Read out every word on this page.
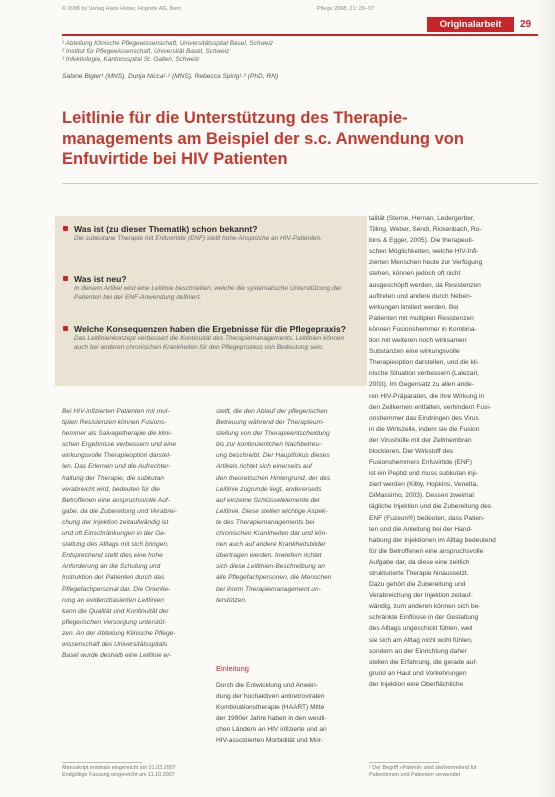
© 2008 by Verlag Hans Huber, Hogrefe AG, Bern	Pflege 2008; 21: 29–37
Originalarbeit	29
¹ Abteilung Klinische Pflegewissenschaft, Universitätsspital Basel, Schweiz
² Institut für Pflegewissenschaft, Universität Basel, Schweiz
³ Infektiologie, Kantonsspital St. Gallen, Schweiz
Sabine Bigler¹ (MNS), Dunja Nicca¹·² (MNS), Rebecca Spirig¹·² (PhD, RN)
Leitlinie für die Unterstützung des Therapie-managements am Beispiel der s.c. Anwendung von Enfuvirtide bei HIV Patienten
Was ist (zu dieser Thematik) schon bekannt?
Die subkutane Therapie mit Enfuvirtide (ENF) stellt hohe Ansprüche an HIV-Patienten.
Was ist neu?
In diesem Artikel wird eine Leitlinie beschrieben, welche die systematische Unterstützung der Patienten bei der ENF-Anwendung definiert.
Welche Konsequenzen haben die Ergebnisse für die Pflegepraxis?
Das Leitlinienkonzept verbessert die Kontinuität des Therapiemanagements. Leitlinien können auch bei anderen chronischen Krankheiten für den Pflegeprozess von Bedeutung sein.
Bei HIV-infizierten Patienten mit mul-
tiplen Resistenzen können Fusions-
hemmer als Salvagetherapie die klini-
schen Ergebnisse verbessern und eine
wirkungsvolle Therapieoption darstel-
len. Das Erlernen und die Aufrechter-
haltung der Therapie, die subkutan
verabreicht wird, bedeuten für die
Betroffenen eine anspruchsvolle Auf-
gabe, da die Zubereitung und Verabrei-
chung der Injektion zeitaufwändig ist
und oft Einschränkungen in der Ge-
staltung des Alltags mit sich bringen.
Entsprechend stellt dies eine hohe
Anforderung an die Schulung und
Instruktion der Patienten durch das
Pflegefachpersonal dar. Die Orientie-
rung an evidenzbasierten Leitlinien
kann die Qualität und Kontinuität der
pflegerischen Versorgung unterstüt-
zen. An der Abteilung Klinische Pflege-
wissenschaft des Universitätsspitals
Basel wurde deshalb eine Leitlinie er-
stellt, die den Ablauf der pflegerischen
Betreuung während der Therapieum-
stellung von der Therapieentscheidung
bis zur kontinuierlichen Nachbetreu-
ung beschreibt. Der Hauptfokus dieses
Artikels richtet sich einerseits auf
den theoretischen Hintergrund, der des
Leitlinie zugrunde liegt, andererseits
auf einzelne Schlüsselelemente der
Leitlinie. Diese stellen wichtige Aspek-
te des Therapiemanagements bei
chronischen Krankheiten dar und kön-
nen auch auf andere Krankheitsbilder
übertragen werden. Inwiefern richtet
sich diese Leitlinien-Beschreibung an
alle Pflegefachpersonen, die Menschen
bei ihrem Therapiemanagement un-
terstützen.
Einleitung
Durch die Entwicklung und Anwen-
dung der hochaktiven antiretroviralen
Kombinationstherapie (HAART) Mitte
der 1990er Jahre haben in den westli-
chen Ländern an HIV infizierte und an
HIV-assoziierten Morbidität und Mor-
talität (Sterne, Hernan, Ledergerber,
Tilling, Weber, Sendi, Rickenbach, Ro-
bins & Egger, 2005). Die therapeuti-
schen Möglichkeiten, welche HIV-Infi-
zierten Menschen heute zur Verfügung
stehen, können jedoch oft nicht
ausgeschöpft werden, da Resistenzen
auftreten und andere durch Neben-
wirkungen limitiert werden. Bei
Patienten mit multiplen Resistenzen
können Fusionshemmer in Kombina-
tion mit weiteren noch wirksamen
Substanzen eine wirkungsvolle
Therapieoption darstellen, und die kli-
nische Situation verbessern (Lalezari,
2003). Im Gegensatz zu allen ande-
ren HIV-Präparaten, die ihre Wirkung in
den Zellkernen entfalten, verhindern Fusi-
onshemmer das Eindringen des Virus
in die Wirtszelle, indem sie die Fusion
der Virushülle mit der Zellmembran
blockieren. Der Wirkstoff des
Fusionshemmers Enfuvirtide (ENF)
ist ein Peptid und muss subkutan inji-
ziert werden (Kilby, Hopkins, Venetta,
DiMassimo, 2003). Dessen zweimal
tägliche Injektion und die Zubereitung des
ENF (Fuzeon®) bedeuten, dass Patien-
ten und die Anleitung bei der Hand-
habung der Injektionen im Alltag bedeutend
für die Betroffenen eine anspruchsvolle
Aufgabe dar, da diese eine zeitlich
strukturierte Therapie hinaussetzt.
Dazu gehört die Zubereitung und
Verabreichung der Injektion zeitauf-
wändig, zum anderen können sich be-
schränkte Einflüsse in der Gestaltung
des Alltags ungeschickt fühlen, weil
sie sich am Alltag nicht wohl fühlen,
sondern an der Einrichtung daher
stellen die Erfahrung, die gerade auf-
grund an Haut und Vorkehrungen
der Injektion eine Oberflächliche
Manuskript erstmals eingereicht am 21.03.2007
Endgültige Fassung eingereicht am 11.10.2007
¹ Der Begriff »Patient« wird stellvertretend für
Patientinnen und Patienten verwendet
